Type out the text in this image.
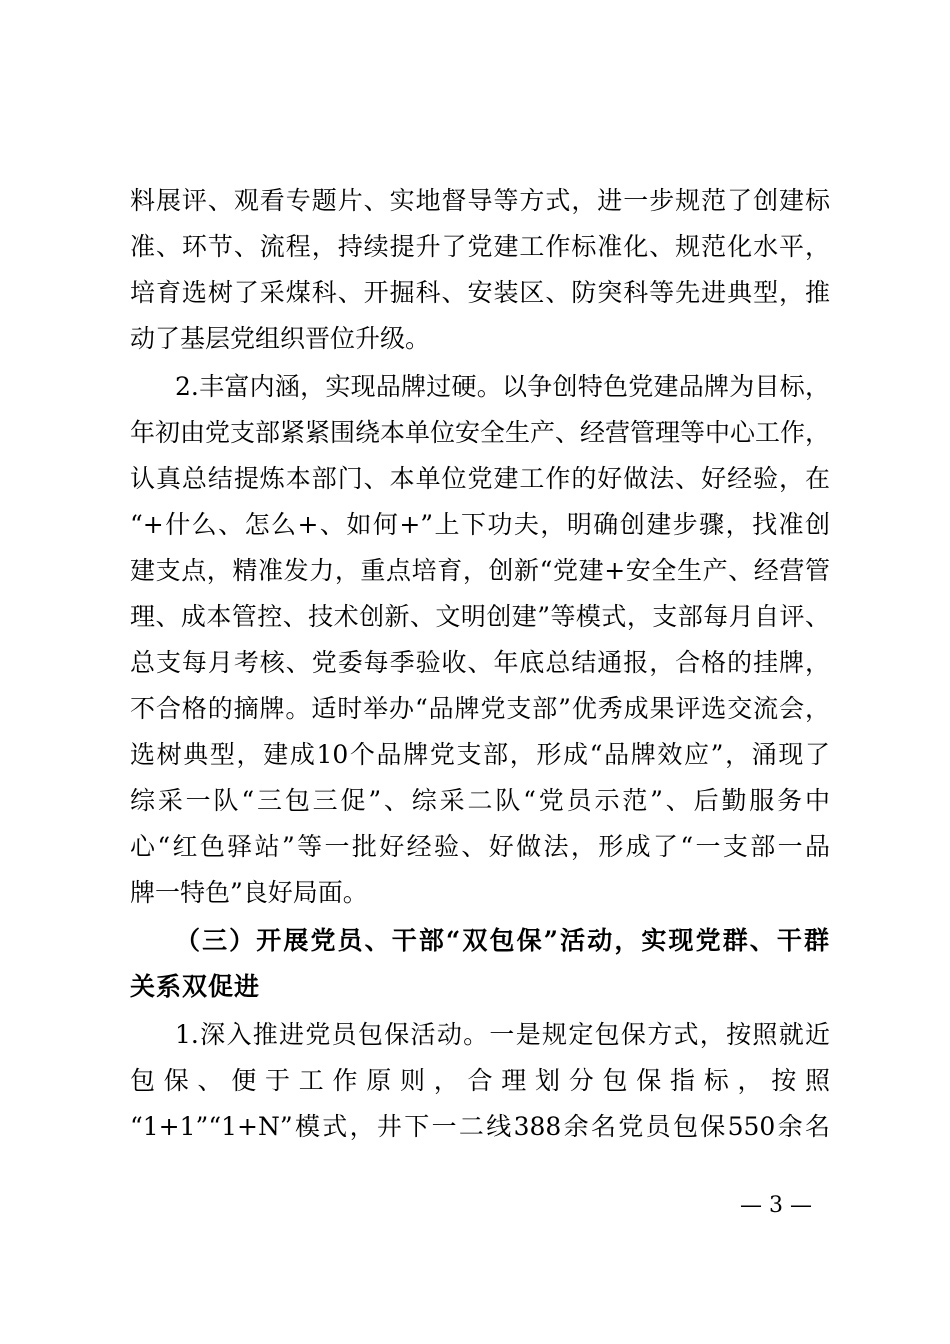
料展评、观看专题片、实地督导等方式，进一步规范了创建标
准、环节、流程，持续提升了党建工作标准化、规范化水平，
培育选树了采煤科、开掘科、安装区、防突科等先进典型，推
动了基层党组织晋位升级。
2.丰富内涵，实现品牌过硬。以争创特色党建品牌为目标，
年初由党支部紧紧围绕本单位安全生产、经营管理等中心工作，
认真总结提炼本部门、本单位党建工作的好做法、好经验，在
“+什么、怎么+、如何+”上下功夫，明确创建步骤，找准创
建支点，精准发力，重点培育，创新“党建+安全生产、经营管
理、成本管控、技术创新、文明创建”等模式，支部每月自评、
总支每月考核、党委每季验收、年底总结通报，合格的挂牌，
不合格的摘牌。适时举办“品牌党支部”优秀成果评选交流会，
选树典型，建成10个品牌党支部，形成“品牌效应”，涌现了
综采一队“三包三促”、综采二队“党员示范”、后勤服务中
心“红色驿站”等一批好经验、好做法，形成了“一支部一品
牌一特色”良好局面。
（三）开展党员、干部“双包保”活动，实现党群、干群
关系双促进
1.深入推进党员包保活动。一是规定包保方式，按照就近
包保、便于工作原则，合理划分包保指标，按照
“1+1”“1+N”模式，井下一二线388余名党员包保550余名
— 3 —
